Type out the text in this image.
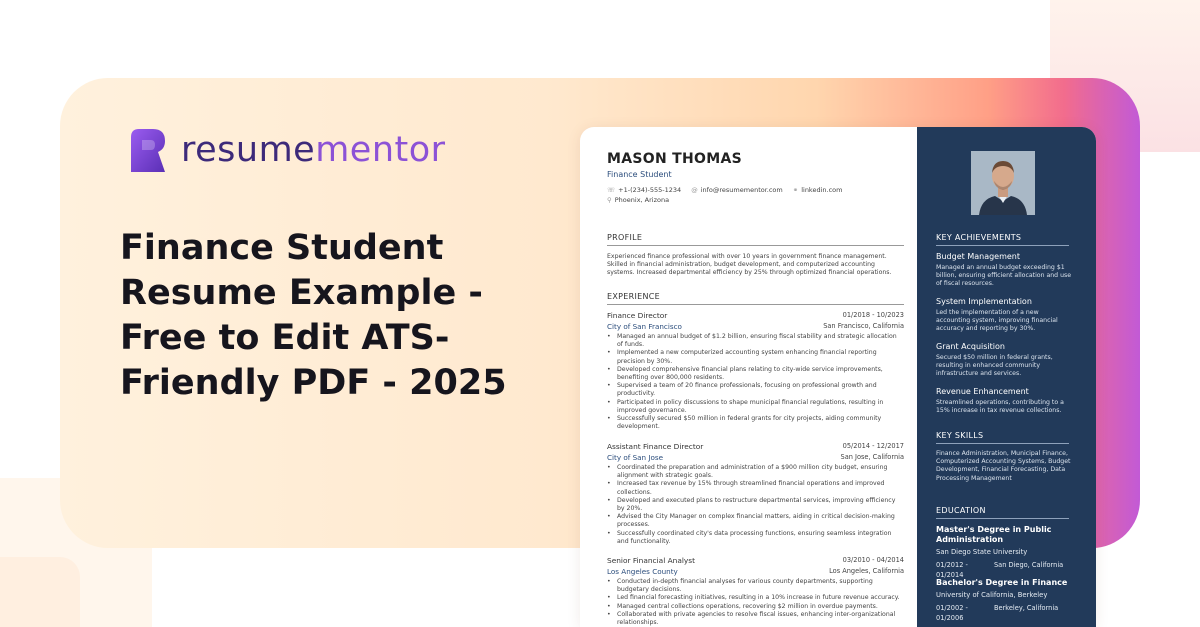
resumementor
Finance Student Resume Example - Free to Edit ATS-Friendly PDF - 2025
MASON THOMAS
Finance Student
☏ +1-(234)-555-1234 @ info@resumementor.com ⚭ linkedin.com
⚲ Phoenix, Arizona
PROFILE
Experienced finance professional with over 10 years in government finance management. Skilled in financial administration, budget development, and computerized accounting systems. Increased departmental efficiency by 25% through optimized financial operations.
EXPERIENCE
Finance Director	01/2018 - 10/2023
City of San Francisco	San Francisco, California
• Managed an annual budget of $1.2 billion, ensuring fiscal stability and strategic allocation of funds.
• Implemented a new computerized accounting system enhancing financial reporting precision by 30%.
• Developed comprehensive financial plans relating to city-wide service improvements, benefiting over 800,000 residents.
• Supervised a team of 20 finance professionals, focusing on professional growth and productivity.
• Participated in policy discussions to shape municipal financial regulations, resulting in improved governance.
• Successfully secured $50 million in federal grants for city projects, aiding community development.
Assistant Finance Director	05/2014 - 12/2017
City of San Jose	San Jose, California
• Coordinated the preparation and administration of a $900 million city budget, ensuring alignment with strategic goals.
• Increased tax revenue by 15% through streamlined financial operations and improved collections.
• Developed and executed plans to restructure departmental services, improving efficiency by 20%.
• Advised the City Manager on complex financial matters, aiding in critical decision-making processes.
• Successfully coordinated city's data processing functions, ensuring seamless integration and functionality.
Senior Financial Analyst	03/2010 - 04/2014
Los Angeles County	Los Angeles, California
• Conducted in-depth financial analyses for various county departments, supporting budgetary decisions.
• Led financial forecasting initiatives, resulting in a 10% increase in future revenue accuracy.
• Managed central collections operations, recovering $2 million in overdue payments.
• Collaborated with private agencies to resolve fiscal issues, enhancing inter-organizational relationships.
KEY ACHIEVEMENTS
Budget Management
Managed an annual budget exceeding $1 billion, ensuring efficient allocation and use of fiscal resources.
System Implementation
Led the implementation of a new accounting system, improving financial accuracy and reporting by 30%.
Grant Acquisition
Secured $50 million in federal grants, resulting in enhanced community infrastructure and services.
Revenue Enhancement
Streamlined operations, contributing to a 15% increase in tax revenue collections.
KEY SKILLS
Finance Administration, Municipal Finance, Computerized Accounting Systems, Budget Development, Financial Forecasting, Data Processing Management
EDUCATION
Master's Degree in Public Administration
San Diego State University
01/2012 - 01/2014
San Diego, California
Bachelor's Degree in Finance
University of California, Berkeley
01/2002 - 01/2006
Berkeley, California
